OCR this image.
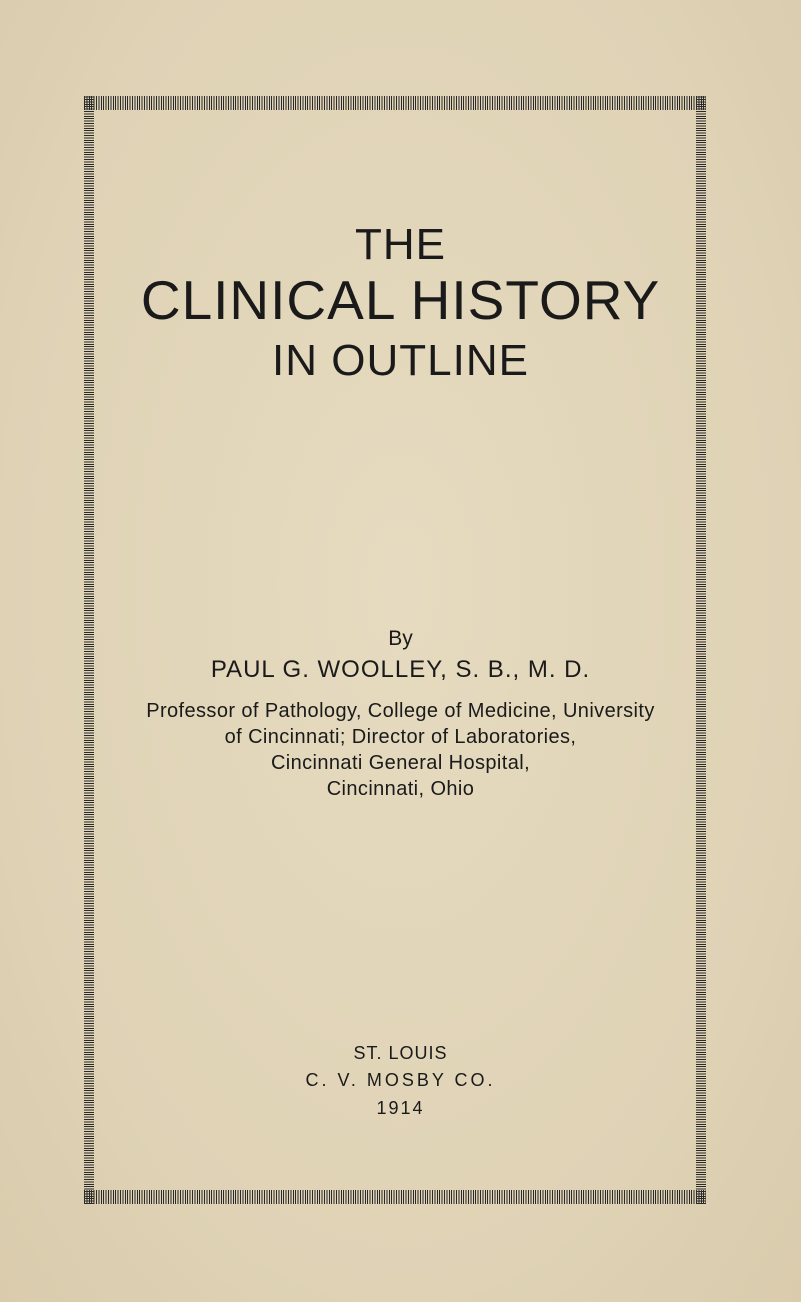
THE
CLINICAL HISTORY
IN OUTLINE
By
PAUL G. WOOLLEY, S. B., M. D.
Professor of Pathology, College of Medicine, University
of Cincinnati; Director of Laboratories,
Cincinnati General Hospital,
Cincinnati, Ohio
ST. LOUIS
C. V. MOSBY CO.
1914
